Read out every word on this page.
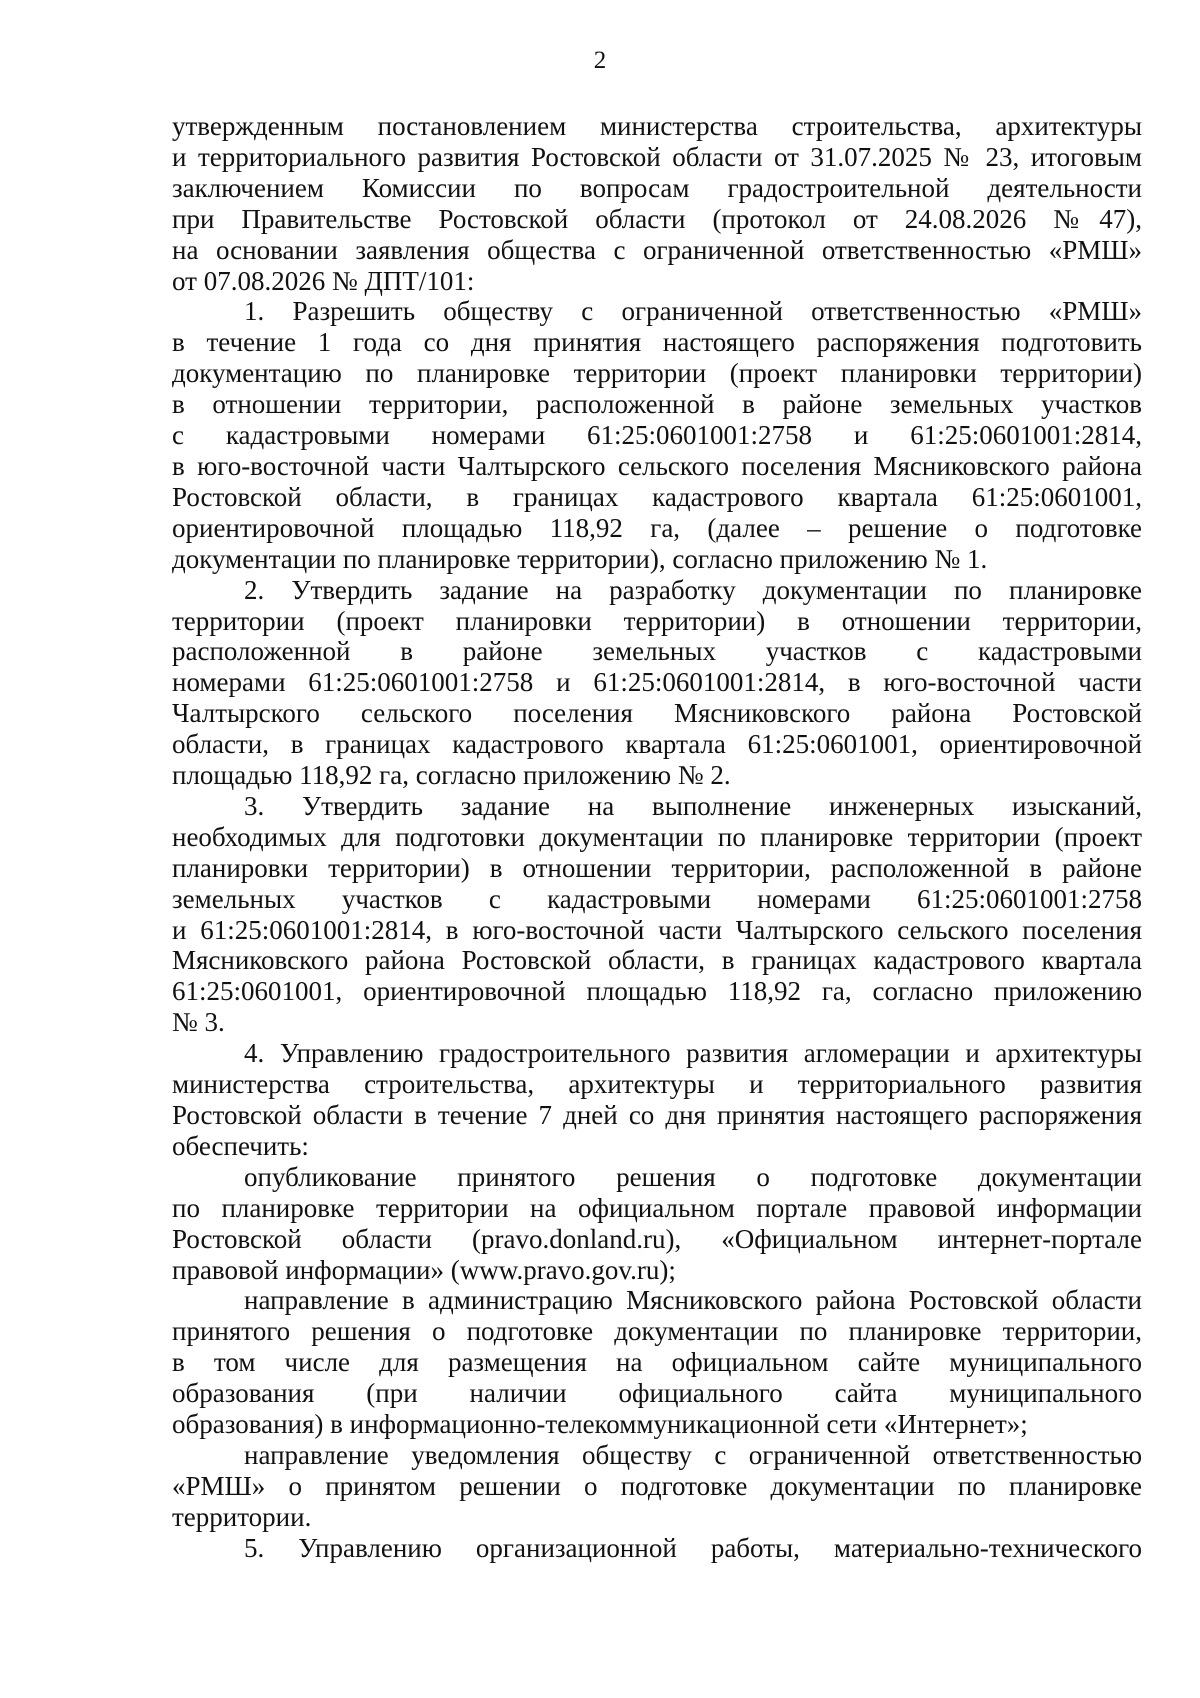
2
утвержденным постановлением министерства строительства, архитектуры
и территориального развития Ростовской области от 31.07.2025 № 23, итоговым
заключением Комиссии по вопросам градостроительной деятельности
при Правительстве Ростовской области (протокол от 24.08.2026 №47),
на основании заявления общества с ограниченной ответственностью «РМШ»
от 07.08.2026 № ДПТ/101:
1. Разрешить обществу с ограниченной ответственностью «РМШ»
в течение 1 года со дня принятия настоящего распоряжения подготовить
документацию по планировке территории (проект планировки территории)
в отношении территории, расположенной в районе земельных участков
с кадастровыми номерами 61:25:0601001:2758 и 61:25:0601001:2814,
в юго-восточной части Чалтырского сельского поселения Мясниковского района
Ростовской области, в границах кадастрового квартала 61:25:0601001,
ориентировочной площадью 118,92 га, (далее – решение о подготовке
документации по планировке территории), согласно приложению № 1.
2. Утвердить задание на разработку документации по планировке
территории (проект планировки территории) в отношении территории,
расположенной в районе земельных участков с кадастровыми
номерами 61:25:0601001:2758 и 61:25:0601001:2814, в юго-восточной части
Чалтырского сельского поселения Мясниковского района Ростовской
области, в границах кадастрового квартала 61:25:0601001, ориентировочной
площадью 118,92 га, согласно приложению № 2.
3. Утвердить задание на выполнение инженерных изысканий,
необходимых для подготовки документации по планировке территории (проект
планировки территории) в отношении территории, расположенной в районе
земельных участков с кадастровыми номерами 61:25:0601001:2758
и 61:25:0601001:2814, в юго-восточной части Чалтырского сельского поселения
Мясниковского района Ростовской области, в границах кадастрового квартала
61:25:0601001, ориентировочной площадью 118,92 га, согласно приложению
№ 3.
4. Управлению градостроительного развития агломерации и архитектуры
министерства строительства, архитектуры и территориального развития
Ростовской области в течение 7 дней со дня принятия настоящего распоряжения
обеспечить:
опубликование принятого решения о подготовке документации
по планировке территории на официальном портале правовой информации
Ростовской области (pravo.donland.ru), «Официальном интернет-портале
правовой информации» (www.pravo.gov.ru);
направление в администрацию Мясниковского района Ростовской области
принятого решения о подготовке документации по планировке территории,
в том числе для размещения на официальном сайте муниципального
образования (при наличии официального сайта муниципального
образования) в информационно-телекоммуникационной сети «Интернет»;
направление уведомления обществу с ограниченной ответственностью
«РМШ» о принятом решении о подготовке документации по планировке
территории.
5. Управлению организационной работы, материально-технического
